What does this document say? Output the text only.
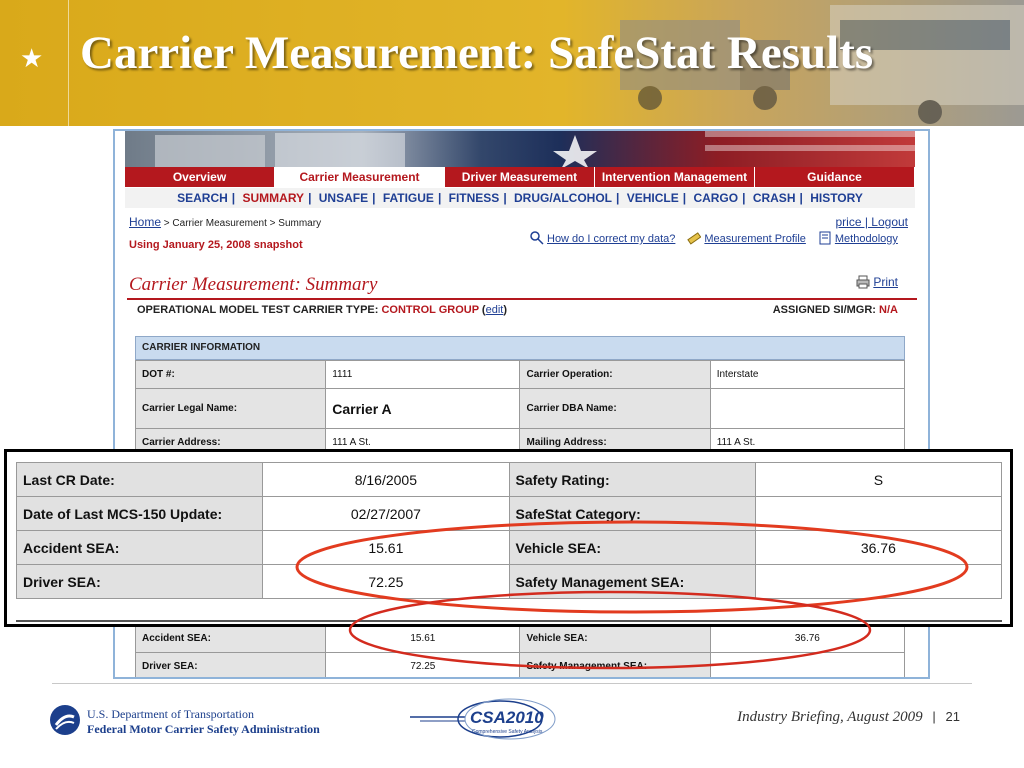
★ Carrier Measurement: SafeStat Results
Overview	Carrier Measurement	Driver Measurement	Intervention Management	Guidance
SEARCH | SUMMARY | UNSAFE | FATIGUE | FITNESS | DRUG/ALCOHOL | VEHICLE | CARGO | CRASH | HISTORY
Home > Carrier Measurement > Summary	price | Logout
Using January 25, 2008 snapshot	How do I correct my data?	Measurement Profile	Methodology
Carrier Measurement: Summary	Print
OPERATIONAL MODEL TEST CARRIER TYPE: CONTROL GROUP (edit)	ASSIGNED SI/MGR: N/A
CARRIER INFORMATION
DOT #:	1111	Carrier Operation:	Interstate
Carrier Legal Name:	Carrier A	Carrier DBA Name:	
Carrier Address:	111 A St.	Mailing Address:	111 A St.
Accident SEA:	15.61	Vehicle SEA:	36.76
Driver SEA:	72.25	Safety Management SEA:	
Last CR Date:	8/16/2005	Safety Rating:	S
Date of Last MCS-150 Update:	02/27/2007	SafeStat Category:	
Accident SEA:	15.61	Vehicle SEA:	36.76
Driver SEA:	72.25	Safety Management SEA:	
U.S. Department of Transportation
Federal Motor Carrier Safety Administration
CSA2010
Comprehensive Safety Analysis
Industry Briefing, August 2009 | 21
